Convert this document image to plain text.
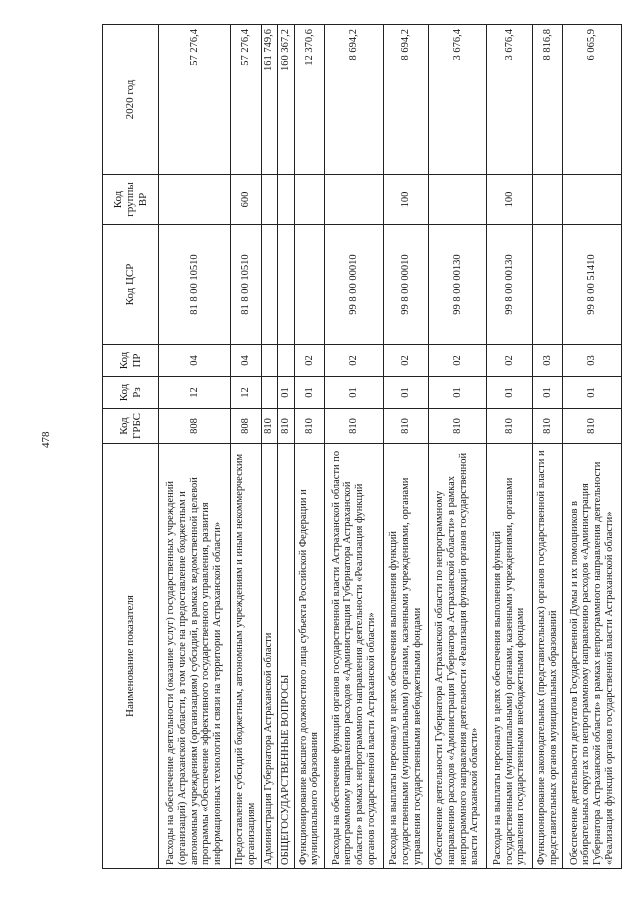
478
Наименование показателя	Код ГРБС	Код Рз	Код ПР	Код ЦСР	Код группы ВР	2020 год
Расходы на обеспечение деятельности (оказание услуг) государственных учреждений (организаций) Астраханской области, в том числе на предоставление бюджетным и автономным учреждениям (организациям) субсидий, в рамках ведомственной целевой программы «Обеспечение эффективного государственного управления, развития информационных технологий и связи на территории Астраханской области»	808	12	04	81 8 00 10510		57 276,4
Предоставление субсидий бюджетным, автономным учреждениям и иным некоммерческим организациям	808	12	04	81 8 00 10510	600	57 276,4
Администрация Губернатора Астраханской области	810					161 749,6
ОБЩЕГОСУДАРСТВЕННЫЕ ВОПРОСЫ	810	01				160 367,2
Функционирование высшего должностного лица субъекта Российской Федерации и муниципального образования	810	01	02			12 370,6
Расходы на обеспечение функций органов государственной власти Астраханской области по непрограммному направлению расходов «Администрация Губернатора Астраханской области» в рамках непрограммного направления деятельности «Реализация функций органов государственной власти Астраханской области»	810	01	02	99 8 00 00010		8 694,2
Расходы на выплаты персоналу в целях обеспечения выполнения функций государственными (муниципальными) органами, казенными учреждениями, органами управления государственными внебюджетными фондами	810	01	02	99 8 00 00010	100	8 694,2
Обеспечение деятельности Губернатора Астраханской области по непрограммному направлению расходов «Администрация Губернатора Астраханской области» в рамках непрограммного направления деятельности «Реализация функций органов государственной власти Астраханской области»	810	01	02	99 8 00 00130		3 676,4
Расходы на выплаты персоналу в целях обеспечения выполнения функций государственными (муниципальными) органами, казенными учреждениями, органами управления государственными внебюджетными фондами	810	01	02	99 8 00 00130	100	3 676,4
Функционирование законодательных (представительных) органов государственной власти и представительных органов муниципальных образований	810	01	03			8 816,8
Обеспечение деятельности депутатов Государственной Думы и их помощников в избирательных округах по непрограммному направлению расходов «Администрация Губернатора Астраханской области» в рамках непрограммного направления деятельности «Реализация функций органов государственной власти Астраханской области»	810	01	03	99 8 00 51410		6 065,9
